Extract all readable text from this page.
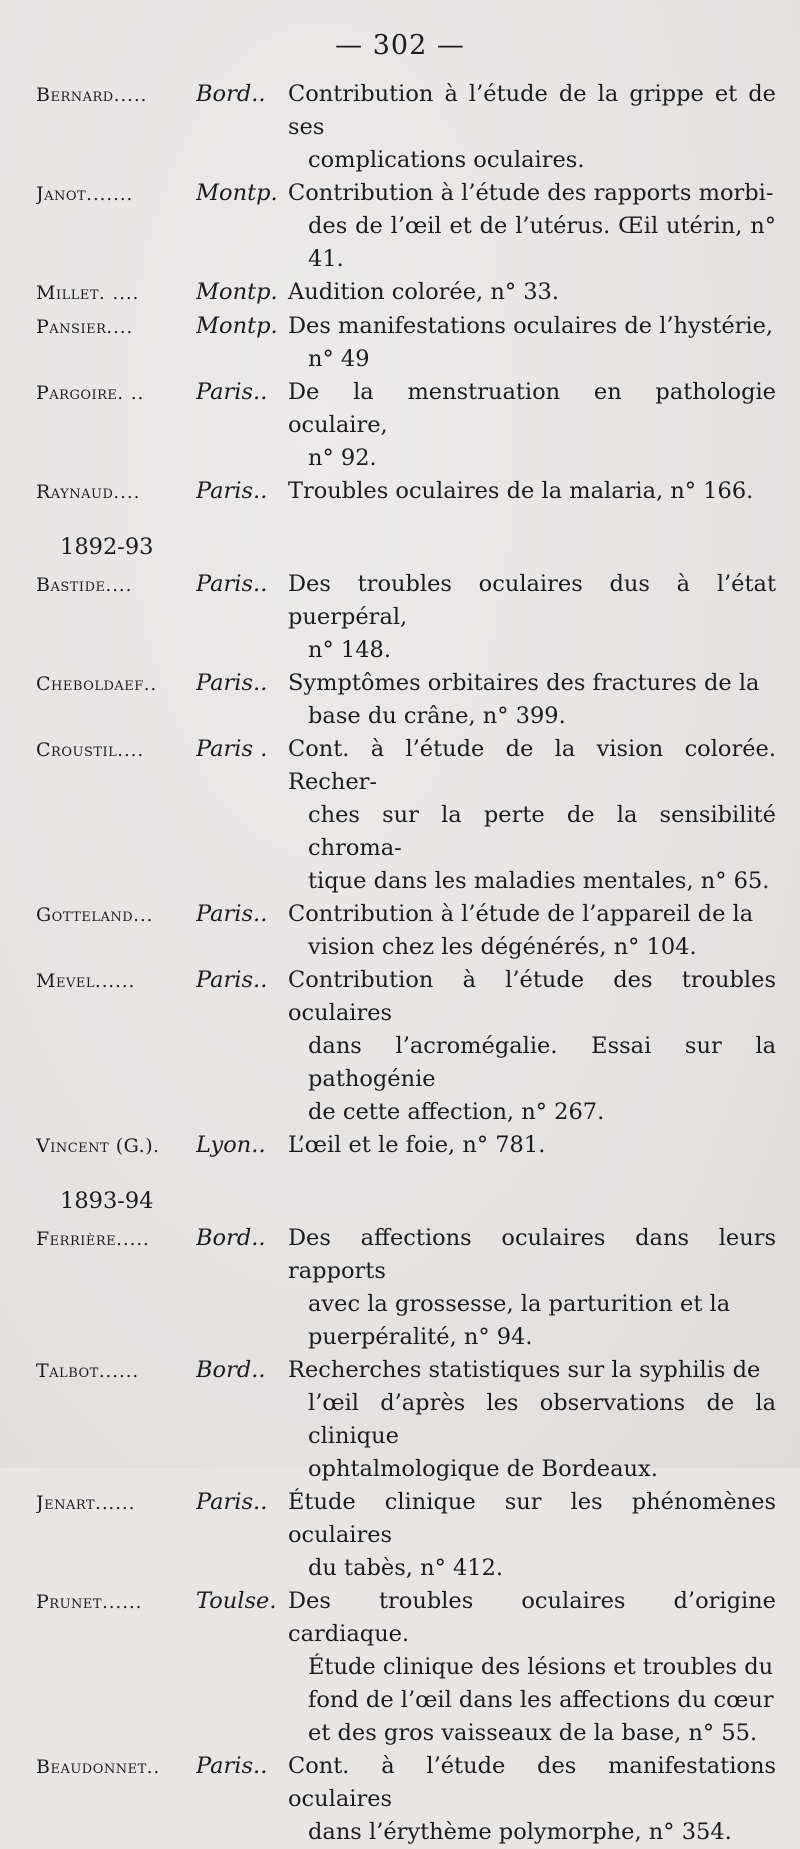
— 302 —
Bernard.....	Bord.. Contribution à l’étude de la grippe et de ses
complications oculaires.
Janot.......	Montp. Contribution à l’étude des rapports morbi-
des de l’œil et de l’utérus. Œil utérin, n° 41.
Millet. ....	Montp. Audition colorée, n° 33.
Pansier....	Montp. Des manifestations oculaires de l’hystérie,
n° 49
Pargoire. ..	Paris.. De la menstruation en pathologie oculaire,
n° 92.
Raynaud....	Paris.. Troubles oculaires de la malaria, n° 166.
1892-93
Bastide....	Paris.. Des troubles oculaires dus à l’état puerpéral,
n° 148.
Cheboldaef..	Paris.. Symptômes orbitaires des fractures de la
base du crâne, n° 399.
Croustil....	Paris . Cont. à l’étude de la vision colorée. Recher-
ches sur la perte de la sensibilité chroma-
tique dans les maladies mentales, n° 65.
Gotteland...	Paris.. Contribution à l’étude de l’appareil de la
vision chez les dégénérés, n° 104.
Mevel......	Paris.. Contribution à l’étude des troubles oculaires
dans l’acromégalie. Essai sur la pathogénie
de cette affection, n° 267.
Vincent (G.).	Lyon.. L’œil et le foie, n° 781.
1893-94
Ferrière.....	Bord.. Des affections oculaires dans leurs rapports
avec la grossesse, la parturition et la
puerpéralité, n° 94.
Talbot......	Bord.. Recherches statistiques sur la syphilis de
l’œil d’après les observations de la clinique
ophtalmologique de Bordeaux.
Jenart......	Paris.. Étude clinique sur les phénomènes oculaires
du tabès, n° 412.
Prunet......	Toulse. Des troubles oculaires d’origine cardiaque.
Étude clinique des lésions et troubles du
fond de l’œil dans les affections du cœur
et des gros vaisseaux de la base, n° 55.
Beaudonnet..	Paris.. Cont. à l’étude des manifestations oculaires
dans l’érythème polymorphe, n° 354.
